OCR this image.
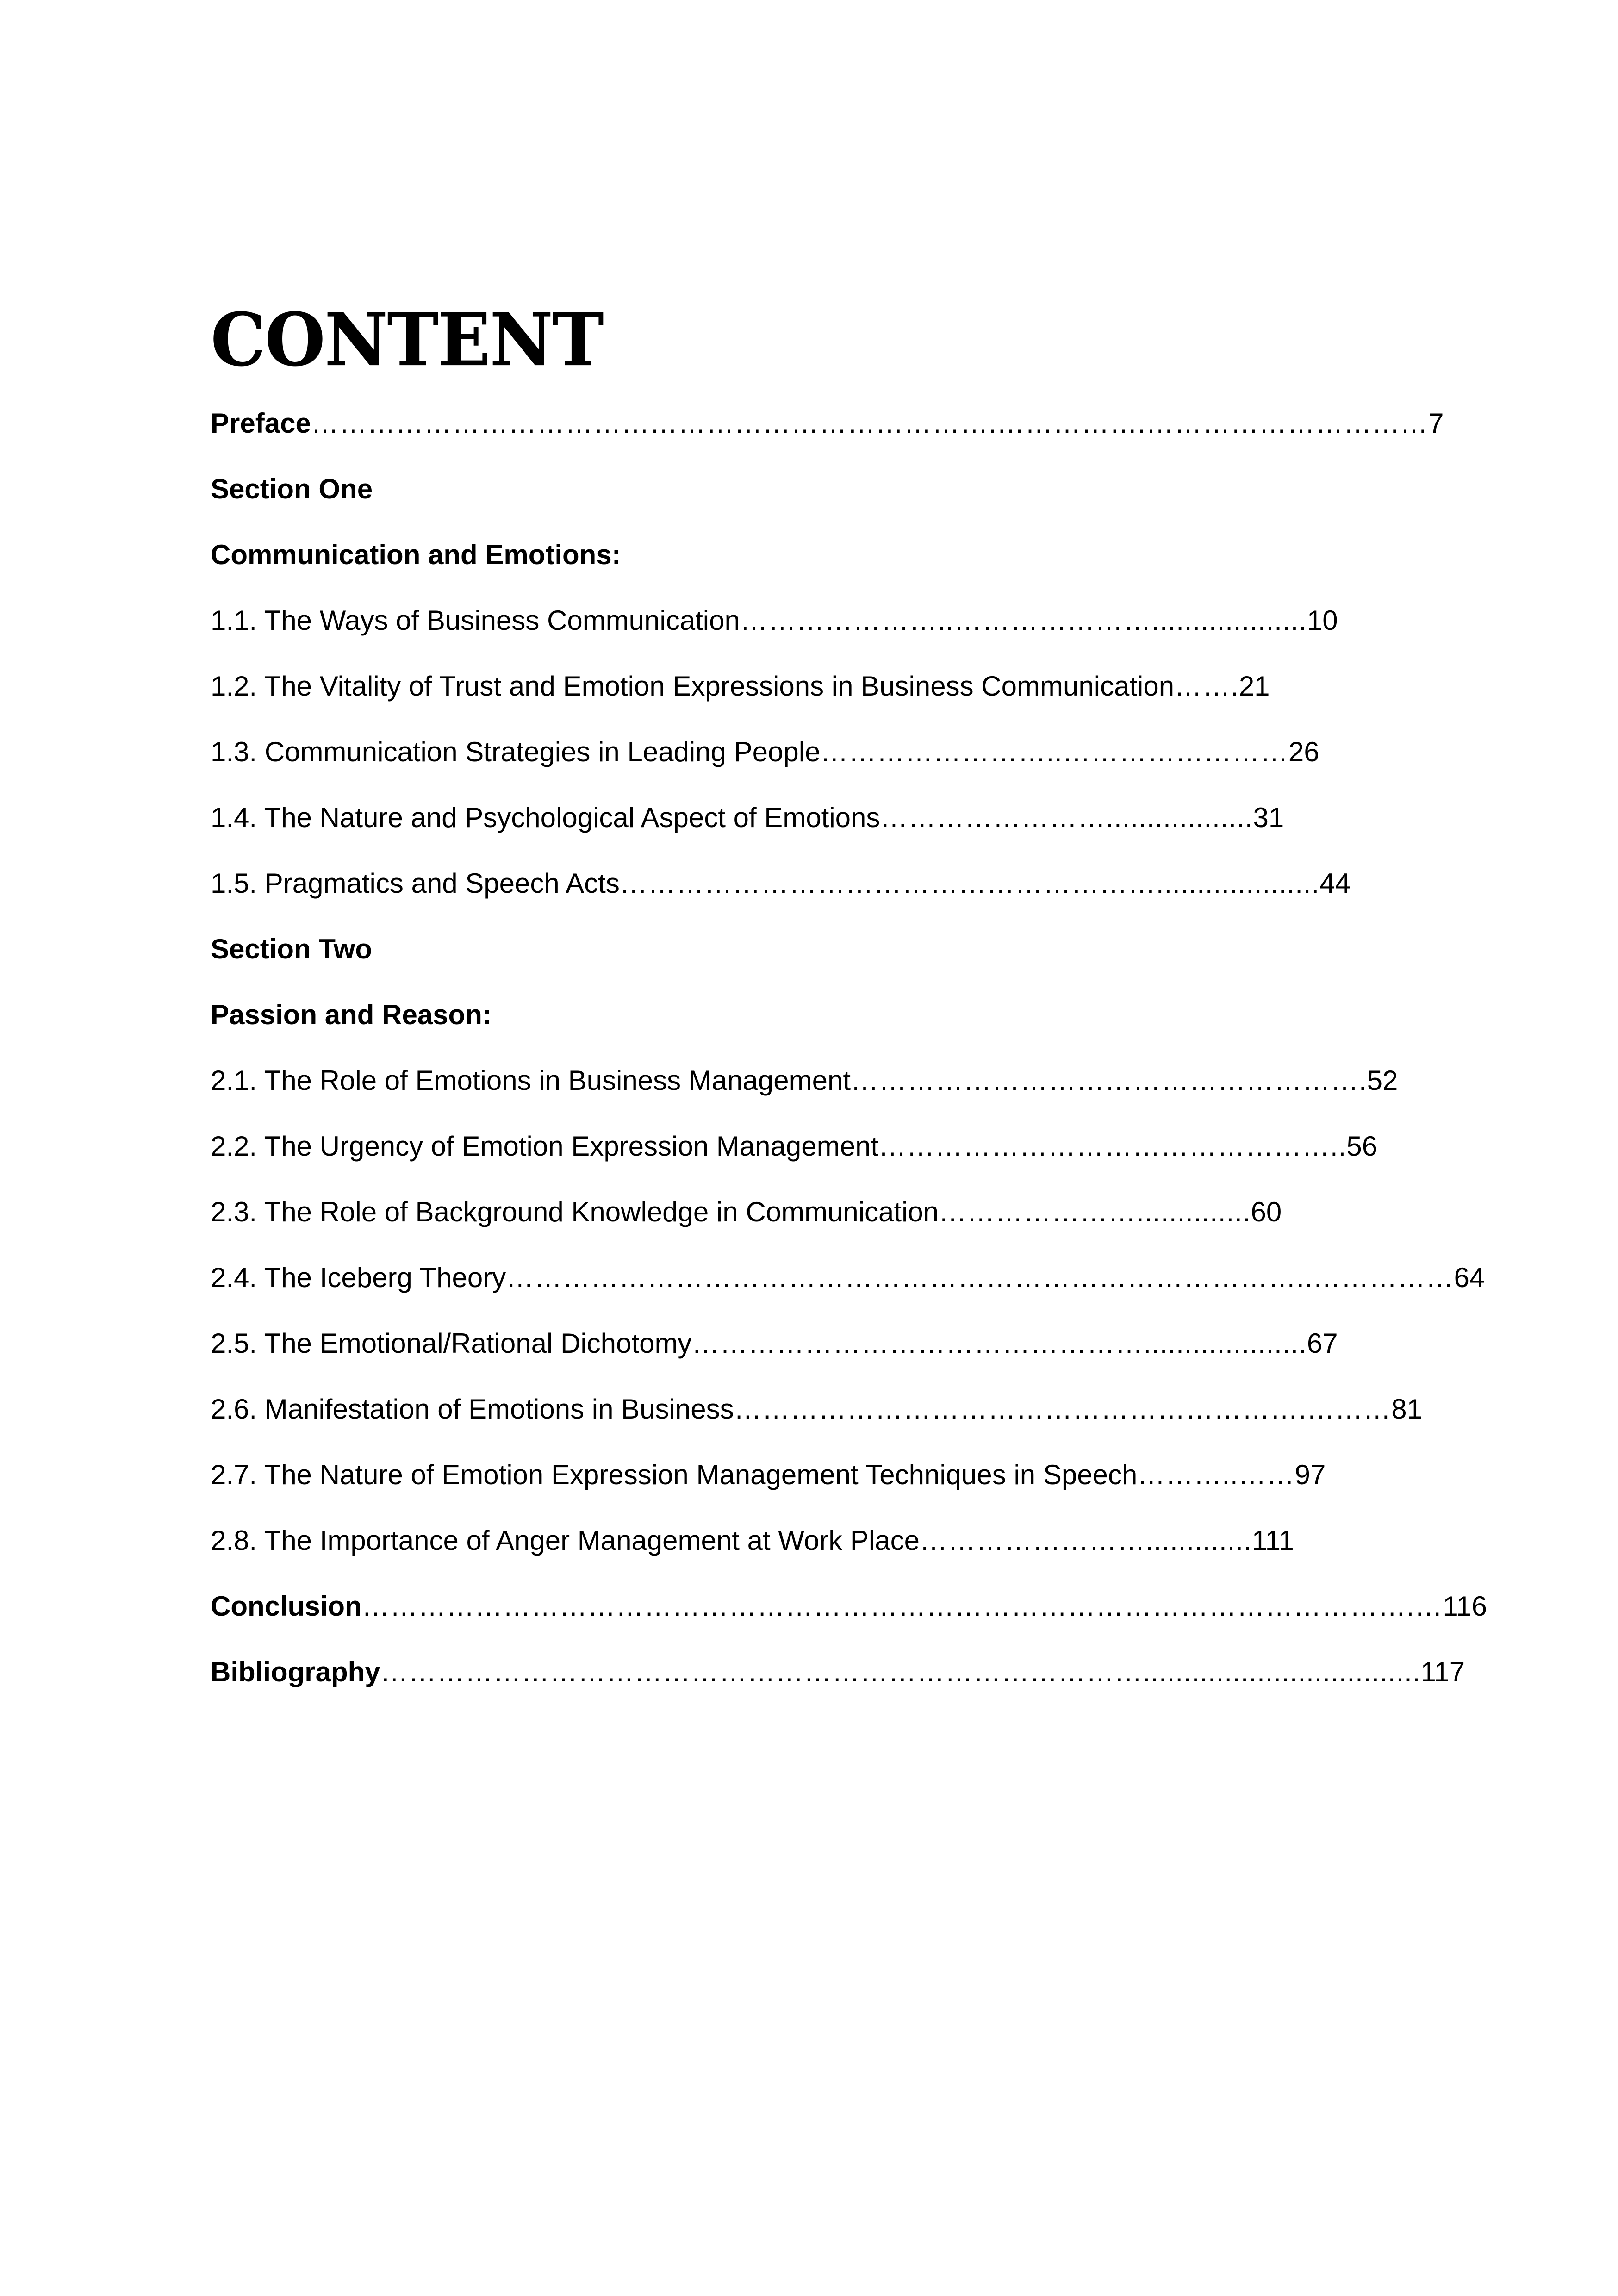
CONTENT
Preface ……………………………………………………………….…………….………………………… 7
Section One
Communication and Emotions:
1.1. The Ways of Business Communication …………………..…………………................... 10
1.2. The Vitality of Trust and Emotion Expressions in Business Communication ……. 21
1.3. Communication Strategies in Leading People ……………………..…………………… 26
1.4. The Nature and Psychological Aspect of Emotions …………………….................. 31
1.5. Pragmatics and Speech Acts ………………………………………………….................... 44
Section Two
Passion and Reason:
2.1. The Role of Emotions in Business Management ………………………………………………. 52
2.2. The Urgency of Emotion Expression Management ………………………………………….. 56
2.3. The Role of Background Knowledge in Communication ………………….............. 60
2.4. The Iceberg Theory …………………………………………………………………………..…………… 64
2.5. The Emotional/Rational Dichotomy ………………………………………….................... 67
2.6. Manifestation of Emotions in Business …………………………………………………….……… 81
2.7. The Nature of Emotion Expression Management Techniques in Speech ………..…… 97
2.8. The Importance of Anger Management at Work Place ……………………............. 111
Conclusion ………………………………………………………………………………………………….… 116
Bibliography ……………………………………………………………………….................................. 117
